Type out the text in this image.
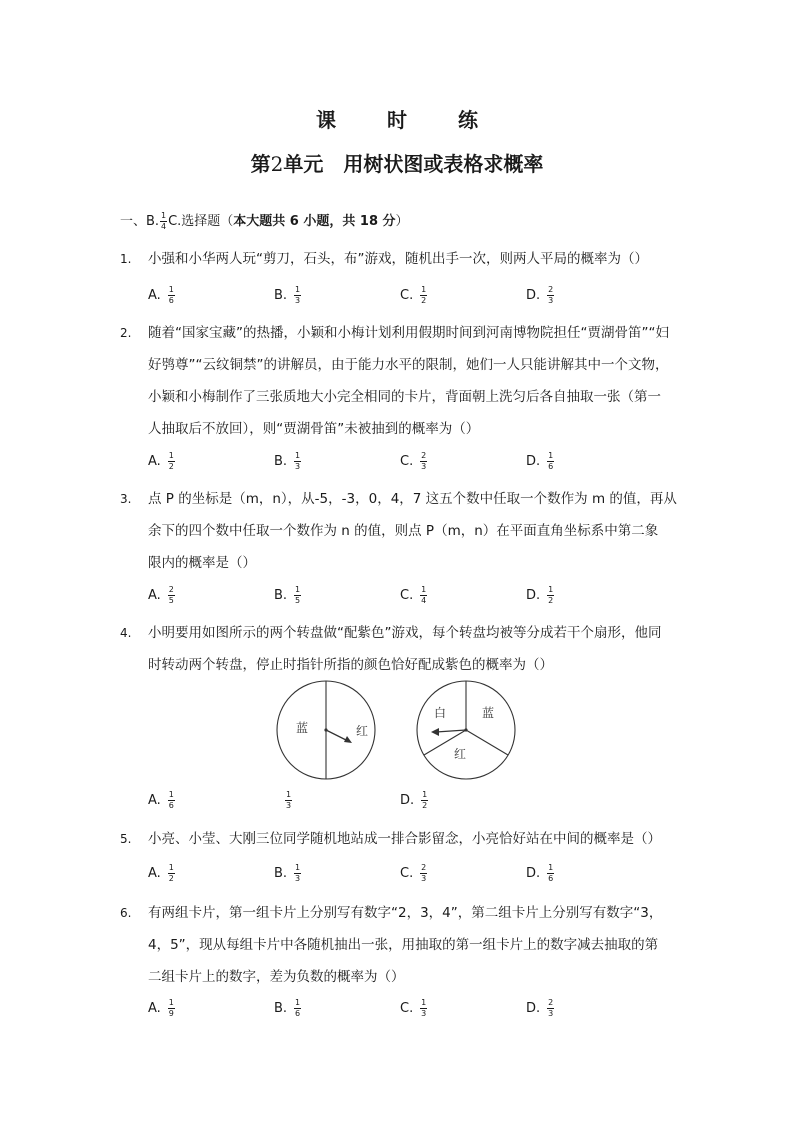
课 时 练
第2单元　用树状图或表格求概率
一、B. $\frac{1}{4} C$.选择题（本大题共 6 小题，共 18 分）
1. 小强和小华两人玩“剪刀，石头，布”游戏，随机出手一次，则两人平局的概率为（）
A. $\frac{1}{6}$	B. $\frac{1}{3}$	C. $\frac{1}{2}$	D. $\frac{2}{3}$
2. 随着“国家宝藏”的热播，小颖和小梅计划利用假期时间到河南博物院担任“贾湖骨笛”“妇
好鸮尊”“云纹铜禁”的讲解员，由于能力水平的限制，她们一人只能讲解其中一个文物，
小颖和小梅制作了三张质地大小完全相同的卡片，背面朝上洗匀后各自抽取一张（第一
人抽取后不放回），则“贾湖骨笛”未被抽到的概率为（）
A. $\frac{1}{2}$	B. $\frac{1}{3}$	C. $\frac{2}{3}$	D. $\frac{1}{6}$
3. 点 P 的坐标是（m，n），从-5，-3，0，4，7 这五个数中任取一个数作为 m 的值，再从
余下的四个数中任取一个数作为 n 的值，则点 P（m，n）在平面直角坐标系中第二象
限内的概率是（）
A. $\frac{2}{5}$	B. $\frac{1}{5}$	C. $\frac{1}{4}$	D. $\frac{1}{2}$
4. 小明要用如图所示的两个转盘做“配紫色”游戏，每个转盘均被等分成若干个扇形，他同
时转动两个转盘，停止时指针所指的颜色恰好配成紫色的概率为（）
蓝	红
白	蓝
红
A. $\frac{1}{6}$	$\frac{1}{3}$	D. $\frac{1}{2}$
5. 小亮、小莹、大刚三位同学随机地站成一排合影留念，小亮恰好站在中间的概率是（）
A. $\frac{1}{2}$	B. $\frac{1}{3}$	C. $\frac{2}{3}$	D. $\frac{1}{6}$
6. 有两组卡片，第一组卡片上分别写有数字“2，3，4”，第二组卡片上分别写有数字“3，
4，5”，现从每组卡片中各随机抽出一张，用抽取的第一组卡片上的数字减去抽取的第
二组卡片上的数字，差为负数的概率为（）
A. $\frac{1}{9}$	B. $\frac{1}{6}$	C. $\frac{1}{3}$	D. $\frac{2}{3}$
